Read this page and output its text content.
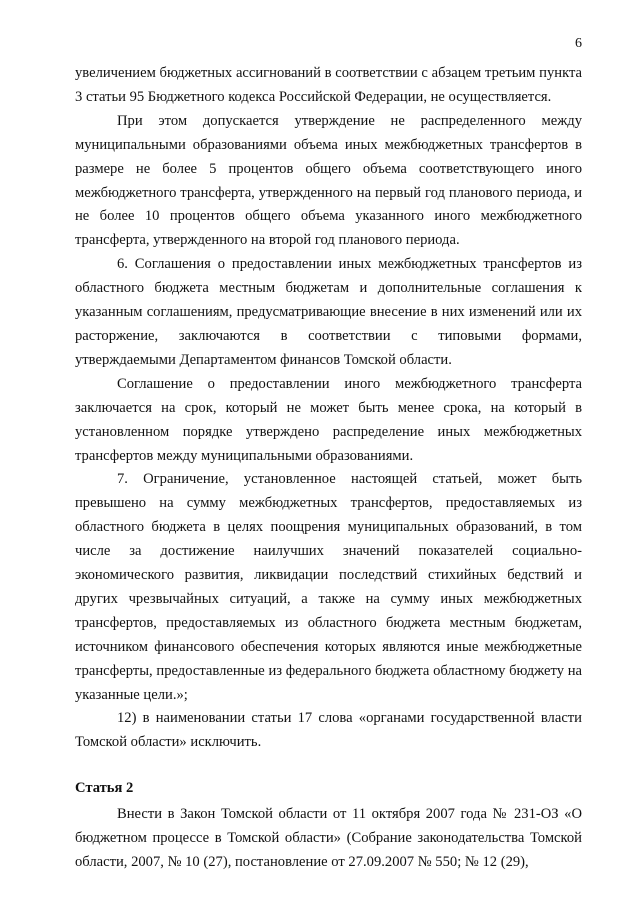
6

увеличением бюджетных ассигнований в соответствии с абзацем третьим пункта 3 статьи 95 Бюджетного кодекса Российской Федерации, не осуществляется.

При этом допускается утверждение не распределенного между муниципальными образованиями объема иных межбюджетных трансфертов в размере не более 5 процентов общего объема соответствующего иного межбюджетного трансферта, утвержденного на первый год планового периода, и не более 10 процентов общего объема указанного иного межбюджетного трансферта, утвержденного на второй год планового периода.

6. Соглашения о предоставлении иных межбюджетных трансфертов из областного бюджета местным бюджетам и дополнительные соглашения к указанным соглашениям, предусматривающие внесение в них изменений или их расторжение, заключаются в соответствии с типовыми формами, утверждаемыми Департаментом финансов Томской области.

Соглашение о предоставлении иного межбюджетного трансферта заключается на срок, который не может быть менее срока, на который в установленном порядке утверждено распределение иных межбюджетных трансфертов между муниципальными образованиями.

7. Ограничение, установленное настоящей статьей, может быть превышено на сумму межбюджетных трансфертов, предоставляемых из областного бюджета в целях поощрения муниципальных образований, в том числе за достижение наилучших значений показателей социально-экономического развития, ликвидации последствий стихийных бедствий и других чрезвычайных ситуаций, а также на сумму иных межбюджетных трансфертов, предоставляемых из областного бюджета местным бюджетам, источником финансового обеспечения которых являются иные межбюджетные трансферты, предоставленные из федерального бюджета областному бюджету на указанные цели.»;

12) в наименовании статьи 17 слова «органами государственной власти Томской области» исключить.

Статья 2

Внести в Закон Томской области от 11 октября 2007 года № 231-ОЗ «О бюджетном процессе в Томской области» (Собрание законодательства Томской области, 2007, № 10 (27), постановление от 27.09.2007 № 550; № 12 (29),
